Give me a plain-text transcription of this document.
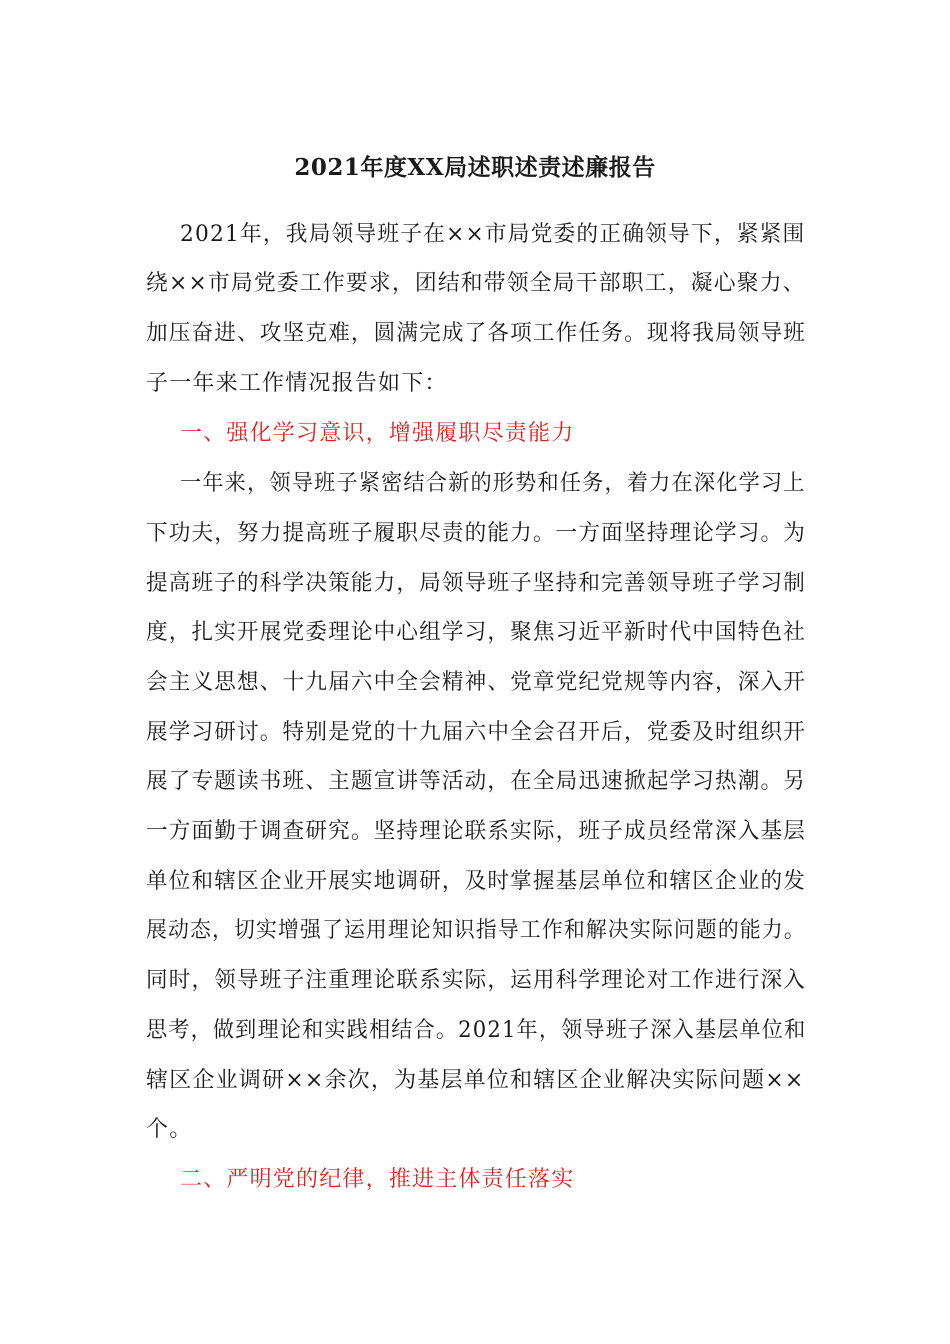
2021年度XX局述职述责述廉报告
2021年，我局领导班子在××市局党委的正确领导下，紧紧围
绕××市局党委工作要求，团结和带领全局干部职工，凝心聚力、
加压奋进、攻坚克难，圆满完成了各项工作任务。现将我局领导班
子一年来工作情况报告如下：
一、强化学习意识，增强履职尽责能力
一年来，领导班子紧密结合新的形势和任务，着力在深化学习上
下功夫，努力提高班子履职尽责的能力。一方面坚持理论学习。为
提高班子的科学决策能力，局领导班子坚持和完善领导班子学习制
度，扎实开展党委理论中心组学习，聚焦习近平新时代中国特色社
会主义思想、十九届六中全会精神、党章党纪党规等内容，深入开
展学习研讨。特别是党的十九届六中全会召开后，党委及时组织开
展了专题读书班、主题宣讲等活动，在全局迅速掀起学习热潮。另
一方面勤于调查研究。坚持理论联系实际，班子成员经常深入基层
单位和辖区企业开展实地调研，及时掌握基层单位和辖区企业的发
展动态，切实增强了运用理论知识指导工作和解决实际问题的能力。
同时，领导班子注重理论联系实际，运用科学理论对工作进行深入
思考，做到理论和实践相结合。2021年，领导班子深入基层单位和
辖区企业调研××余次，为基层单位和辖区企业解决实际问题××
个。
二、严明党的纪律，推进主体责任落实
